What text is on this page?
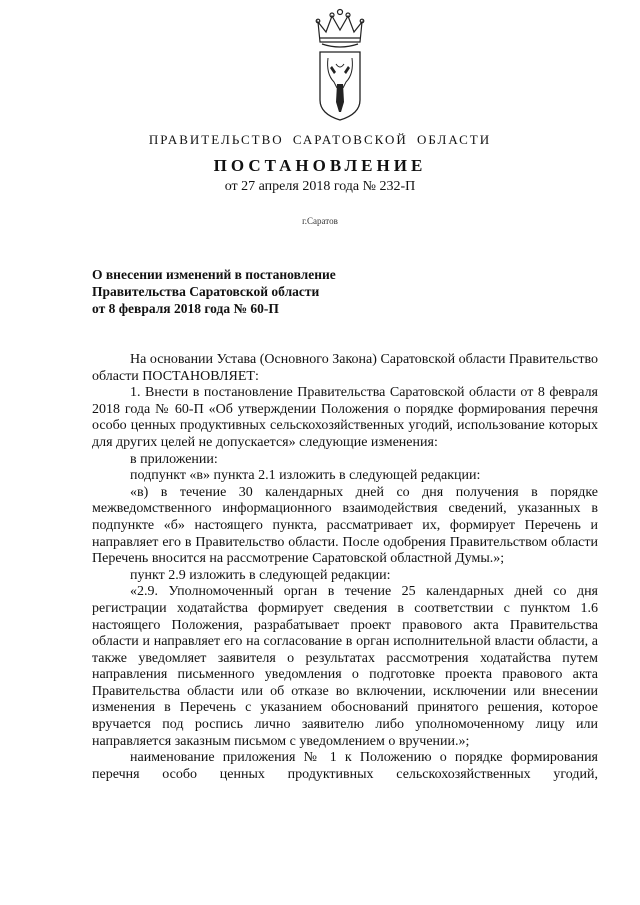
ПРАВИТЕЛЬСТВО САРАТОВСКОЙ ОБЛАСТИ
ПОСТАНОВЛЕНИЕ
от 27 апреля 2018 года № 232-П
г.Саратов
О внесении изменений в постановление
Правительства Саратовской области
от 8 февраля 2018 года № 60-П

На основании Устава (Основного Закона) Саратовской области Правительство области ПОСТАНОВЛЯЕТ:

1. Внести в постановление Правительства Саратовской области от 8 февраля 2018 года № 60-П «Об утверждении Положения о порядке формирования перечня особо ценных продуктивных сельскохозяйственных угодий, использование которых для других целей не допускается» следующие изменения:

в приложении:

подпункт «в» пункта 2.1 изложить в следующей редакции:

«в) в течение 30 календарных дней со дня получения в порядке межведомственного информационного взаимодействия сведений, указанных в подпункте «б» настоящего пункта, рассматривает их, формирует Перечень и направляет его в Правительство области. После одобрения Правительством области Перечень вносится на рассмотрение Саратовской областной Думы.»;

пункт 2.9 изложить в следующей редакции:

«2.9. Уполномоченный орган в течение 25 календарных дней со дня регистрации ходатайства формирует сведения в соответствии с пунктом 1.6 настоящего Положения, разрабатывает проект правового акта Правительства области и направляет его на согласование в орган исполнительной власти области, а также уведомляет заявителя о результатах рассмотрения ходатайства путем направления письменного уведомления о подготовке проекта правового акта Правительства области или об отказе во включении, исключении или внесении изменения в Перечень с указанием обоснований принятого решения, которое вручается под роспись лично заявителю либо уполномоченному лицу или направляется заказным письмом с уведомлением о вручении.»;

наименование приложения № 1 к Положению о порядке формирования перечня особо ценных продуктивных сельскохозяйственных угодий,
